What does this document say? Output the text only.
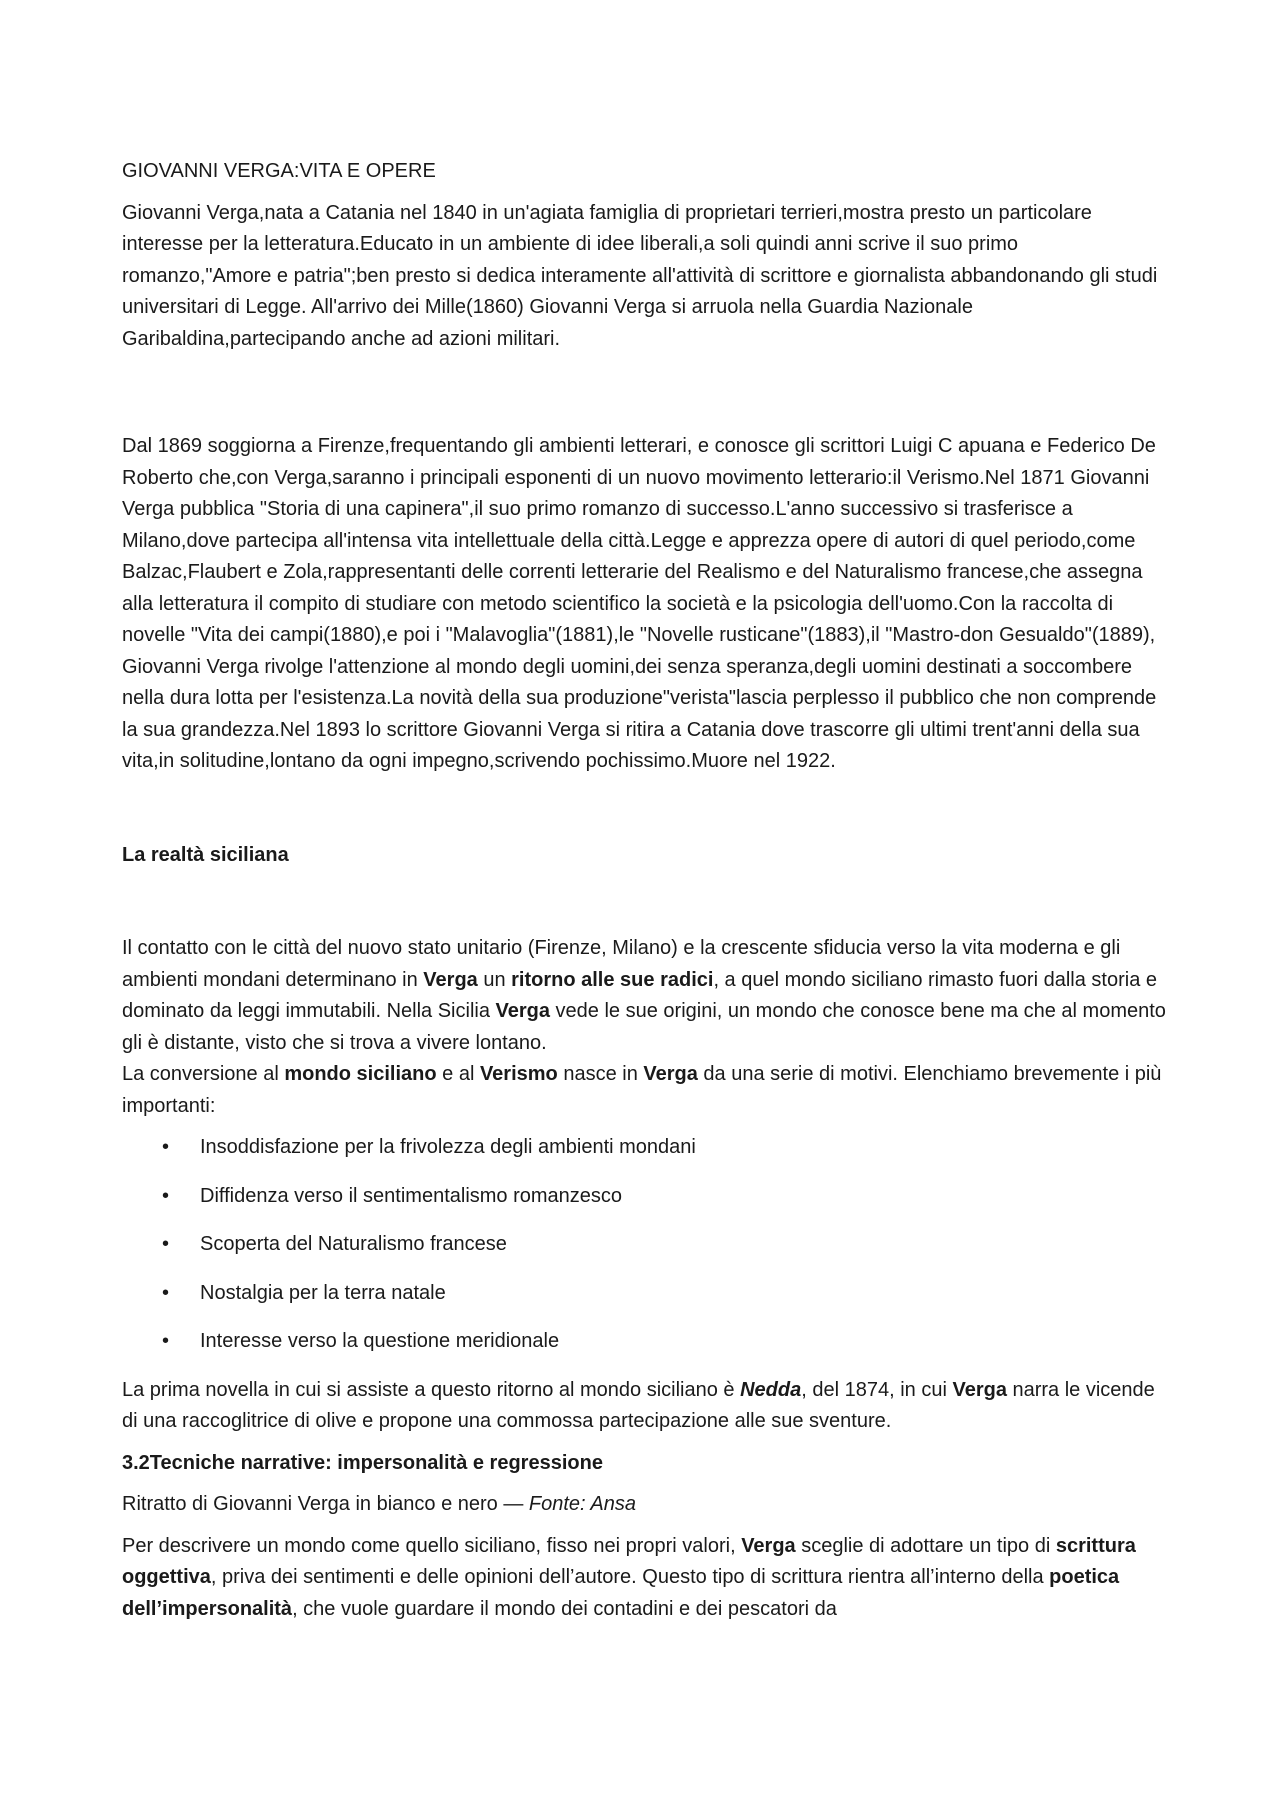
GIOVANNI VERGA:VITA E OPERE

Giovanni Verga,nata a Catania nel 1840 in un'agiata famiglia di proprietari terrieri,mostra presto un particolare interesse per la letteratura.Educato in un ambiente di idee liberali,a soli quindi anni scrive il suo primo romanzo,"Amore e patria";ben presto si dedica interamente all'attività di scrittore e giornalista abbandonando gli studi universitari di Legge. All'arrivo dei Mille(1860) Giovanni Verga si arruola nella Guardia Nazionale Garibaldina,partecipando anche ad azioni militari.

Dal 1869 soggiorna a Firenze,frequentando gli ambienti letterari, e conosce gli scrittori Luigi C apuana e Federico De Roberto che,con Verga,saranno i principali esponenti di un nuovo movimento letterario:il Verismo.Nel 1871 Giovanni Verga pubblica "Storia di una capinera",il suo primo romanzo di successo.L'anno successivo si trasferisce a Milano,dove partecipa all'intensa vita intellettuale della città.Legge e apprezza opere di autori di quel periodo,come Balzac,Flaubert e Zola,rappresentanti delle correnti letterarie del Realismo e del Naturalismo francese,che assegna alla letteratura il compito di studiare con metodo scientifico la società e la psicologia dell'uomo.Con la raccolta di novelle "Vita dei campi(1880),e poi i "Malavoglia"(1881),le "Novelle rusticane"(1883),il "Mastro-don Gesualdo"(1889), Giovanni Verga rivolge l'attenzione al mondo degli uomini,dei senza speranza,degli uomini destinati a soccombere nella dura lotta per l'esistenza.La novità della sua produzione"verista"lascia perplesso il pubblico che non comprende la sua grandezza.Nel 1893 lo scrittore Giovanni Verga si ritira a Catania dove trascorre gli ultimi trent'anni della sua vita,in solitudine,lontano da ogni impegno,scrivendo pochissimo.Muore nel 1922.

La realtà siciliana

Il contatto con le città del nuovo stato unitario (Firenze, Milano) e la crescente sfiducia verso la vita moderna e gli ambienti mondani determinano in Verga un ritorno alle sue radici, a quel mondo siciliano rimasto fuori dalla storia e dominato da leggi immutabili. Nella Sicilia Verga vede le sue origini, un mondo che conosce bene ma che al momento gli è distante, visto che si trova a vivere lontano.
La conversione al mondo siciliano e al Verismo nasce in Verga da una serie di motivi. Elenchiamo brevemente i più importanti:

• Insoddisfazione per la frivolezza degli ambienti mondani
• Diffidenza verso il sentimentalismo romanzesco
• Scoperta del Naturalismo francese
• Nostalgia per la terra natale
• Interesse verso la questione meridionale

La prima novella in cui si assiste a questo ritorno al mondo siciliano è Nedda, del 1874, in cui Verga narra le vicende di una raccoglitrice di olive e propone una commossa partecipazione alle sue sventure.

3.2Tecniche narrative: impersonalità e regressione

Ritratto di Giovanni Verga in bianco e nero — Fonte: Ansa

Per descrivere un mondo come quello siciliano, fisso nei propri valori, Verga sceglie di adottare un tipo di scrittura oggettiva, priva dei sentimenti e delle opinioni dell’autore. Questo tipo di scrittura rientra all’interno della poetica dell’impersonalità, che vuole guardare il mondo dei contadini e dei pescatori da
